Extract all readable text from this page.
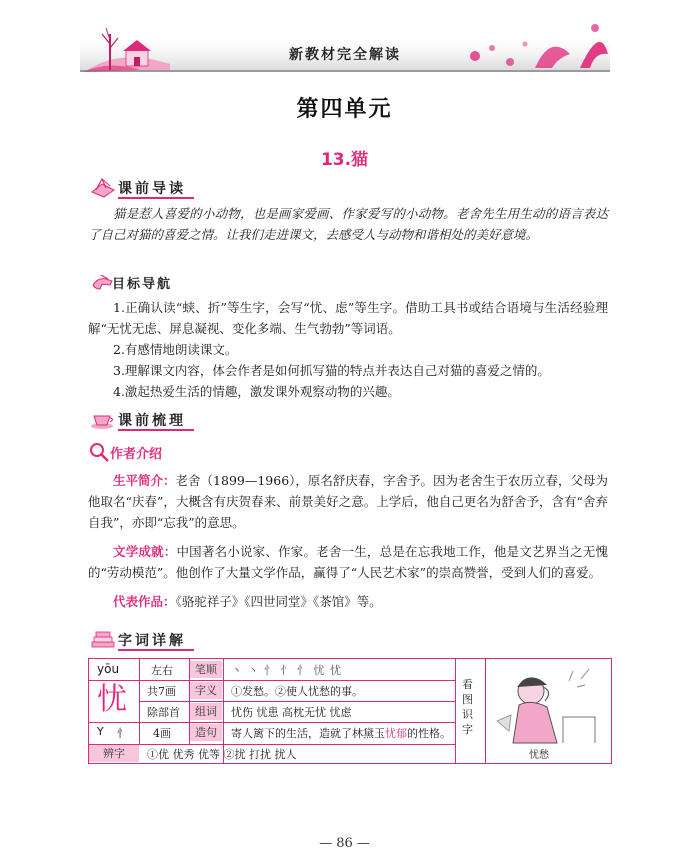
新教材完全解读
第四单元
13.猫
课前导读

猫是惹人喜爱的小动物，也是画家爱画、作家爱写的小动物。老舍先生用生动的语言表达了自己对猫的喜爱之情。让我们走进课文，去感受人与动物和谐相处的美好意境。

目标导航

1.正确认读“蛱、折”等生字，会写“忧、虑”等生字。借助工具书或结合语境与生活经验理解“无忧无虑、屏息凝视、变化多端、生气勃勃”等词语。

2.有感情地朗读课文。

3.理解课文内容，体会作者是如何抓写猫的特点并表达自己对猫的喜爱之情的。

4.激起热爱生活的情趣，激发课外观察动物的兴趣。

课前梳理
作者介绍

生平简介：老舍（1899—1966），原名舒庆春，字舍予。因为老舍生于农历立春，父母为他取名“庆春”，大概含有庆贺春来、前景美好之意。上学后，他自己更名为舒舍予，含有“舍弃自我”，亦即“忘我”的意思。

文学成就：中国著名小说家、作家。老舍一生，总是在忘我地工作，他是文艺界当之无愧的“劳动模范”。他创作了大量文学作品，赢得了“人民艺术家”的崇高赞誉，受到人们的喜爱。

代表作品：《骆驼祥子》《四世同堂》《茶馆》等。

字词详解
yōu
忧
Y 忄
左右
共7画
除部首
4画
笔顺
字义
组词
造句
辨字
丶 丶 忄 忄 忄 忧 忧
①发愁。②使人忧愁的事。
忧伤 忧患 高枕无忧 忧虑
寄人篱下的生活，造就了林黛玉忧郁的性格。
①优 优秀 优等 ②扰 打扰 扰人
看图识字
忧愁
— 86 —
